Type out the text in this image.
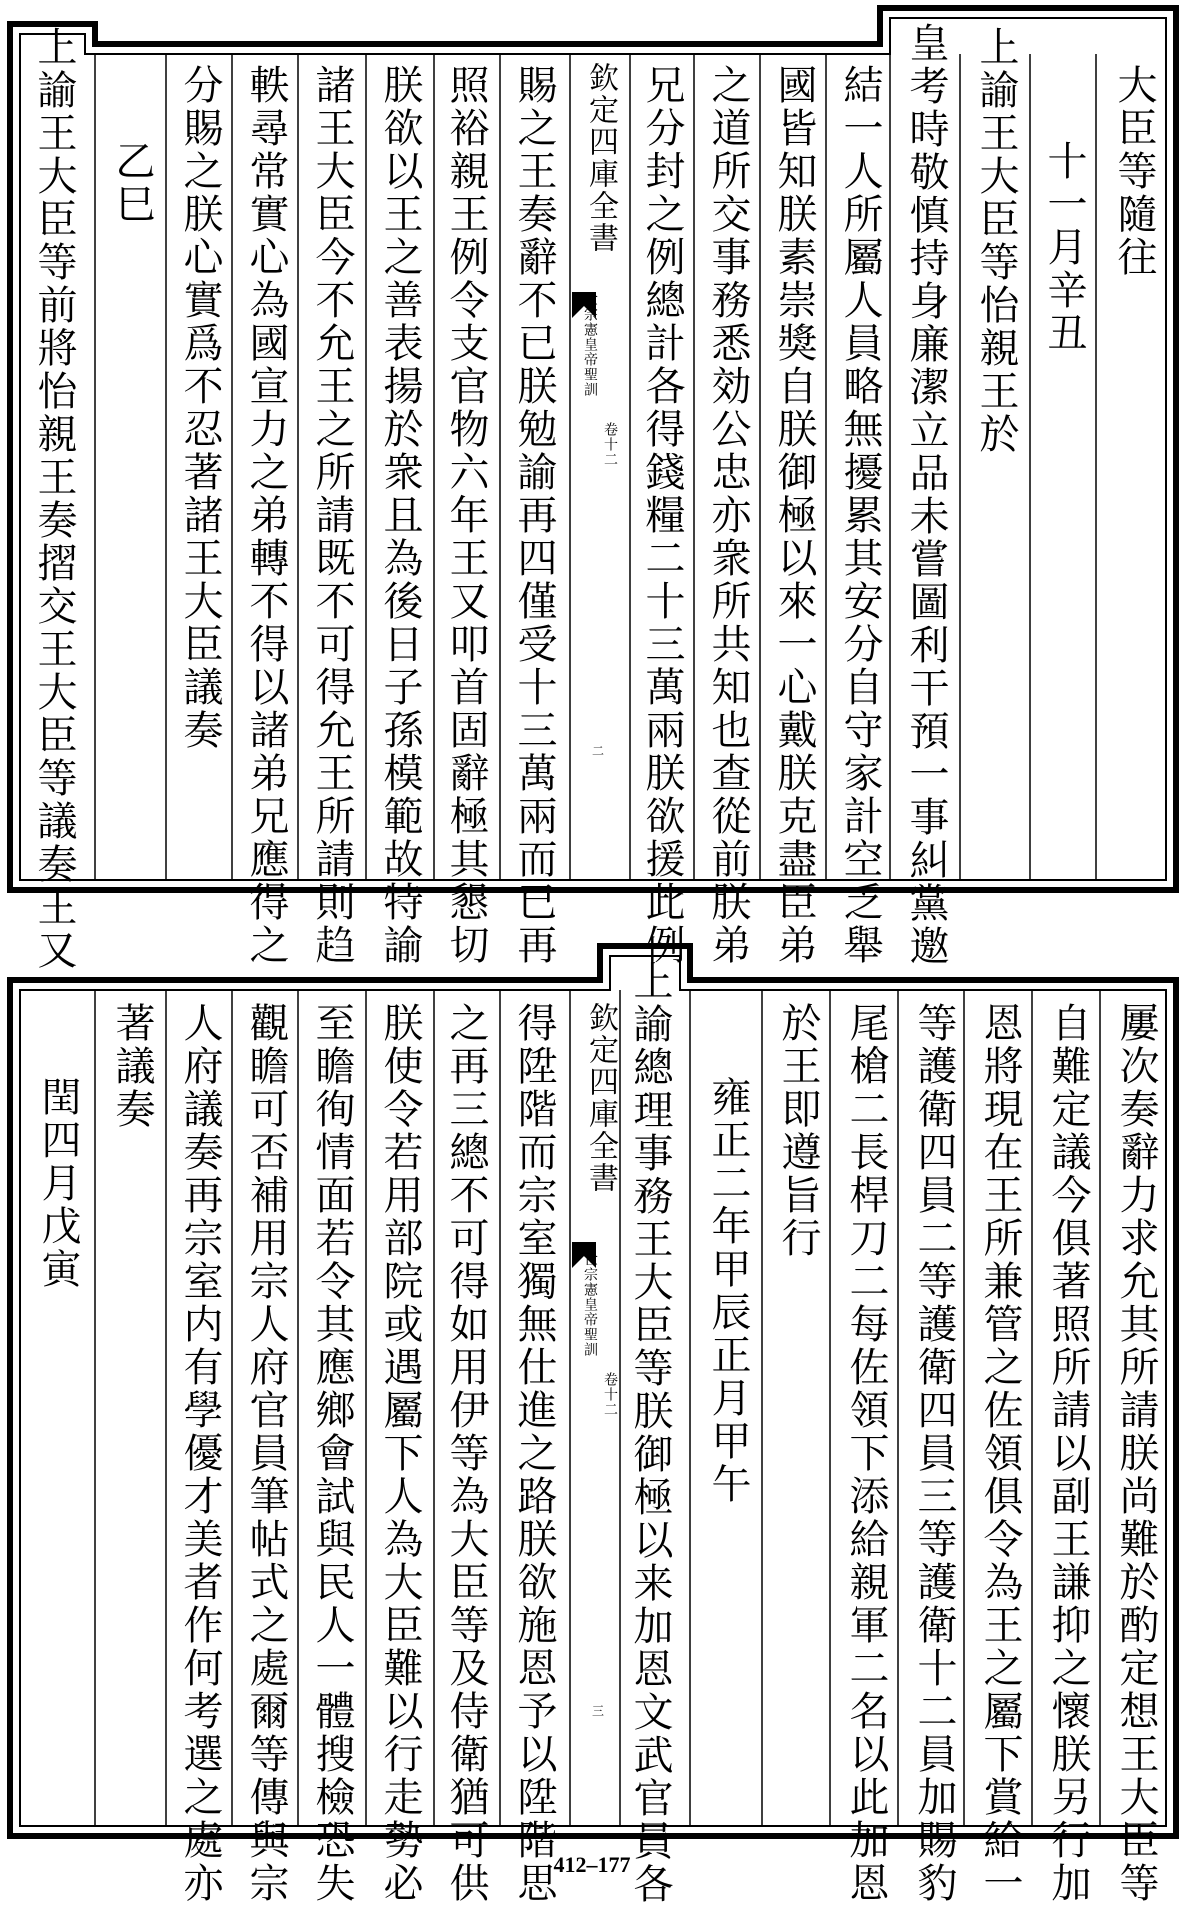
大臣等隨往
十一月辛丑
上諭王大臣等怡親王於
皇考時敬慎持身廉潔立品未嘗圖利干預一事糾黨邀
結一人所屬人員略無擾累其安分自守家計空乏舉
國皆知朕素崇獎自朕御極以來一心戴朕克盡臣弟
之道所交事務悉効公忠亦衆所共知也查從前朕弟
兄分封之例總計各得錢糧二十三萬兩朕欲援此例
欽定四庫全書
世宗憲皇帝聖訓
卷十二
二
賜之王奏辭不已朕勉諭再四僅受十三萬兩而已再
照裕親王例令支官物六年王又叩首固辭極其懇切
朕欲以王之善表揚於衆且為後日子孫模範故特諭
諸王大臣今不允王之所請既不可得允王所請則趋
軼尋常實心為國宣力之弟轉不得以諸弟兄應得之
分賜之朕心實爲不忍著諸王大臣議奏
乙巳
上諭王大臣等前將怡親王奏摺交王大臣等議奏王又
屢次奏辭力求允其所請朕尚難於酌定想王大臣等
自難定議今俱著照所請以副王謙抑之懷朕另行加
恩將現在王所兼管之佐領俱令為王之屬下賞給一
等護衛四員二等護衛四員三等護衛十二員加賜豹
尾槍二長桿刀二每佐領下添給親軍二名以此加恩
於王即遵旨行
雍正二年甲辰正月甲午
上諭總理事務王大臣等朕御極以来加恩文武官員各
欽定四庫全書
世宗憲皇帝聖訓
卷十二
三
得陞階而宗室獨無仕進之路朕欲施恩予以陞階思
之再三總不可得如用伊等為大臣等及侍衛猶可供
朕使令若用部院或遇屬下人為大臣難以行走勢必
至瞻徇情面若令其應鄉會試與民人一體搜檢恐失
觀瞻可否補用宗人府官員筆帖式之處爾等傳與宗
人府議奏再宗室内有學優才美者作何考選之處亦
著議奏
閏四月戊寅
412–177
